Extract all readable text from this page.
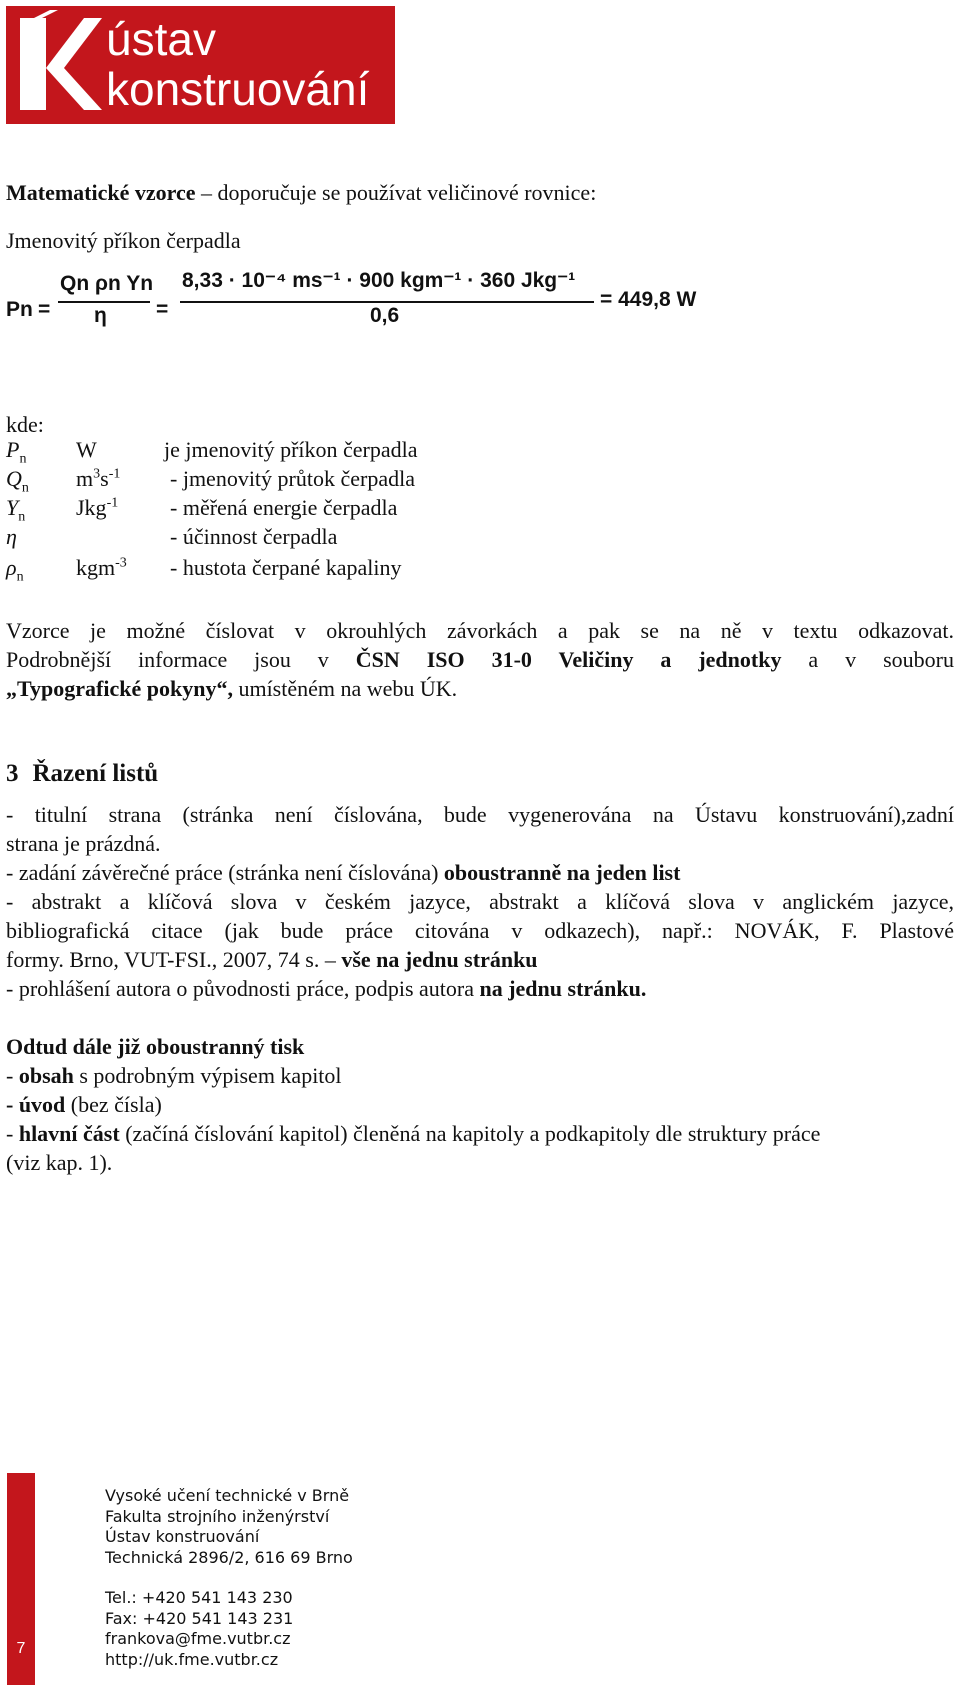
ústav
konstruování
Matematické vzorce – doporučuje se používat veličinové rovnice:
Jmenovitý příkon čerpadla
Pn =
Qn ρn Yn
η =
8,33 · 10⁻⁴ ms⁻¹ · 900 kgm⁻¹ · 360 Jkg⁻¹
0,6
= 449,8 W
kde:
$P_n$ W	je jmenovitý příkon čerpadla
$Q_n$ $m^3s^{-1}$ - jmenovitý průtok čerpadla
$Y_n$ Jkg$^{-1}$ - měřená energie čerpadla
η	- účinnost čerpadla
$\rho_n$ kgm$^{-3}$ - hustota čerpané kapaliny
Vzorce je možné číslovat v okrouhlých závorkách a pak se na ně v textu odkazovat.
Podrobnější informace jsou v ČSN ISO 31-0 Veličiny a jednotky a v souboru
„Typografické pokyny“, umístěném na webu ÚK.
3 Řazení listů
- titulní strana (stránka není číslována, bude vygenerována na Ústavu konstruování),zadní
strana je prázdná.
- zadání závěrečné práce (stránka není číslována) oboustranně na jeden list
- abstrakt a klíčová slova v českém jazyce, abstrakt a klíčová slova v anglickém jazyce,
bibliografická citace (jak bude práce citována v odkazech), např.: NOVÁK, F. Plastové
formy. Brno, VUT-FSI., 2007, 74 s. – vše na jednu stránku
- prohlášení autora o původnosti práce, podpis autora na jednu stránku.
Odtud dále již oboustranný tisk
- obsah s podrobným výpisem kapitol
- úvod (bez čísla)
- hlavní část (začíná číslování kapitol) členěná na kapitoly a podkapitoly dle struktury práce
(viz kap. 1).
7
Vysoké učení technické v Brně
Fakulta strojního inženýrství
Ústav konstruování
Technická 2896/2, 616 69 Brno
Tel.: +420 541 143 230
Fax: +420 541 143 231
frankova@fme.vutbr.cz
http://uk.fme.vutbr.cz
